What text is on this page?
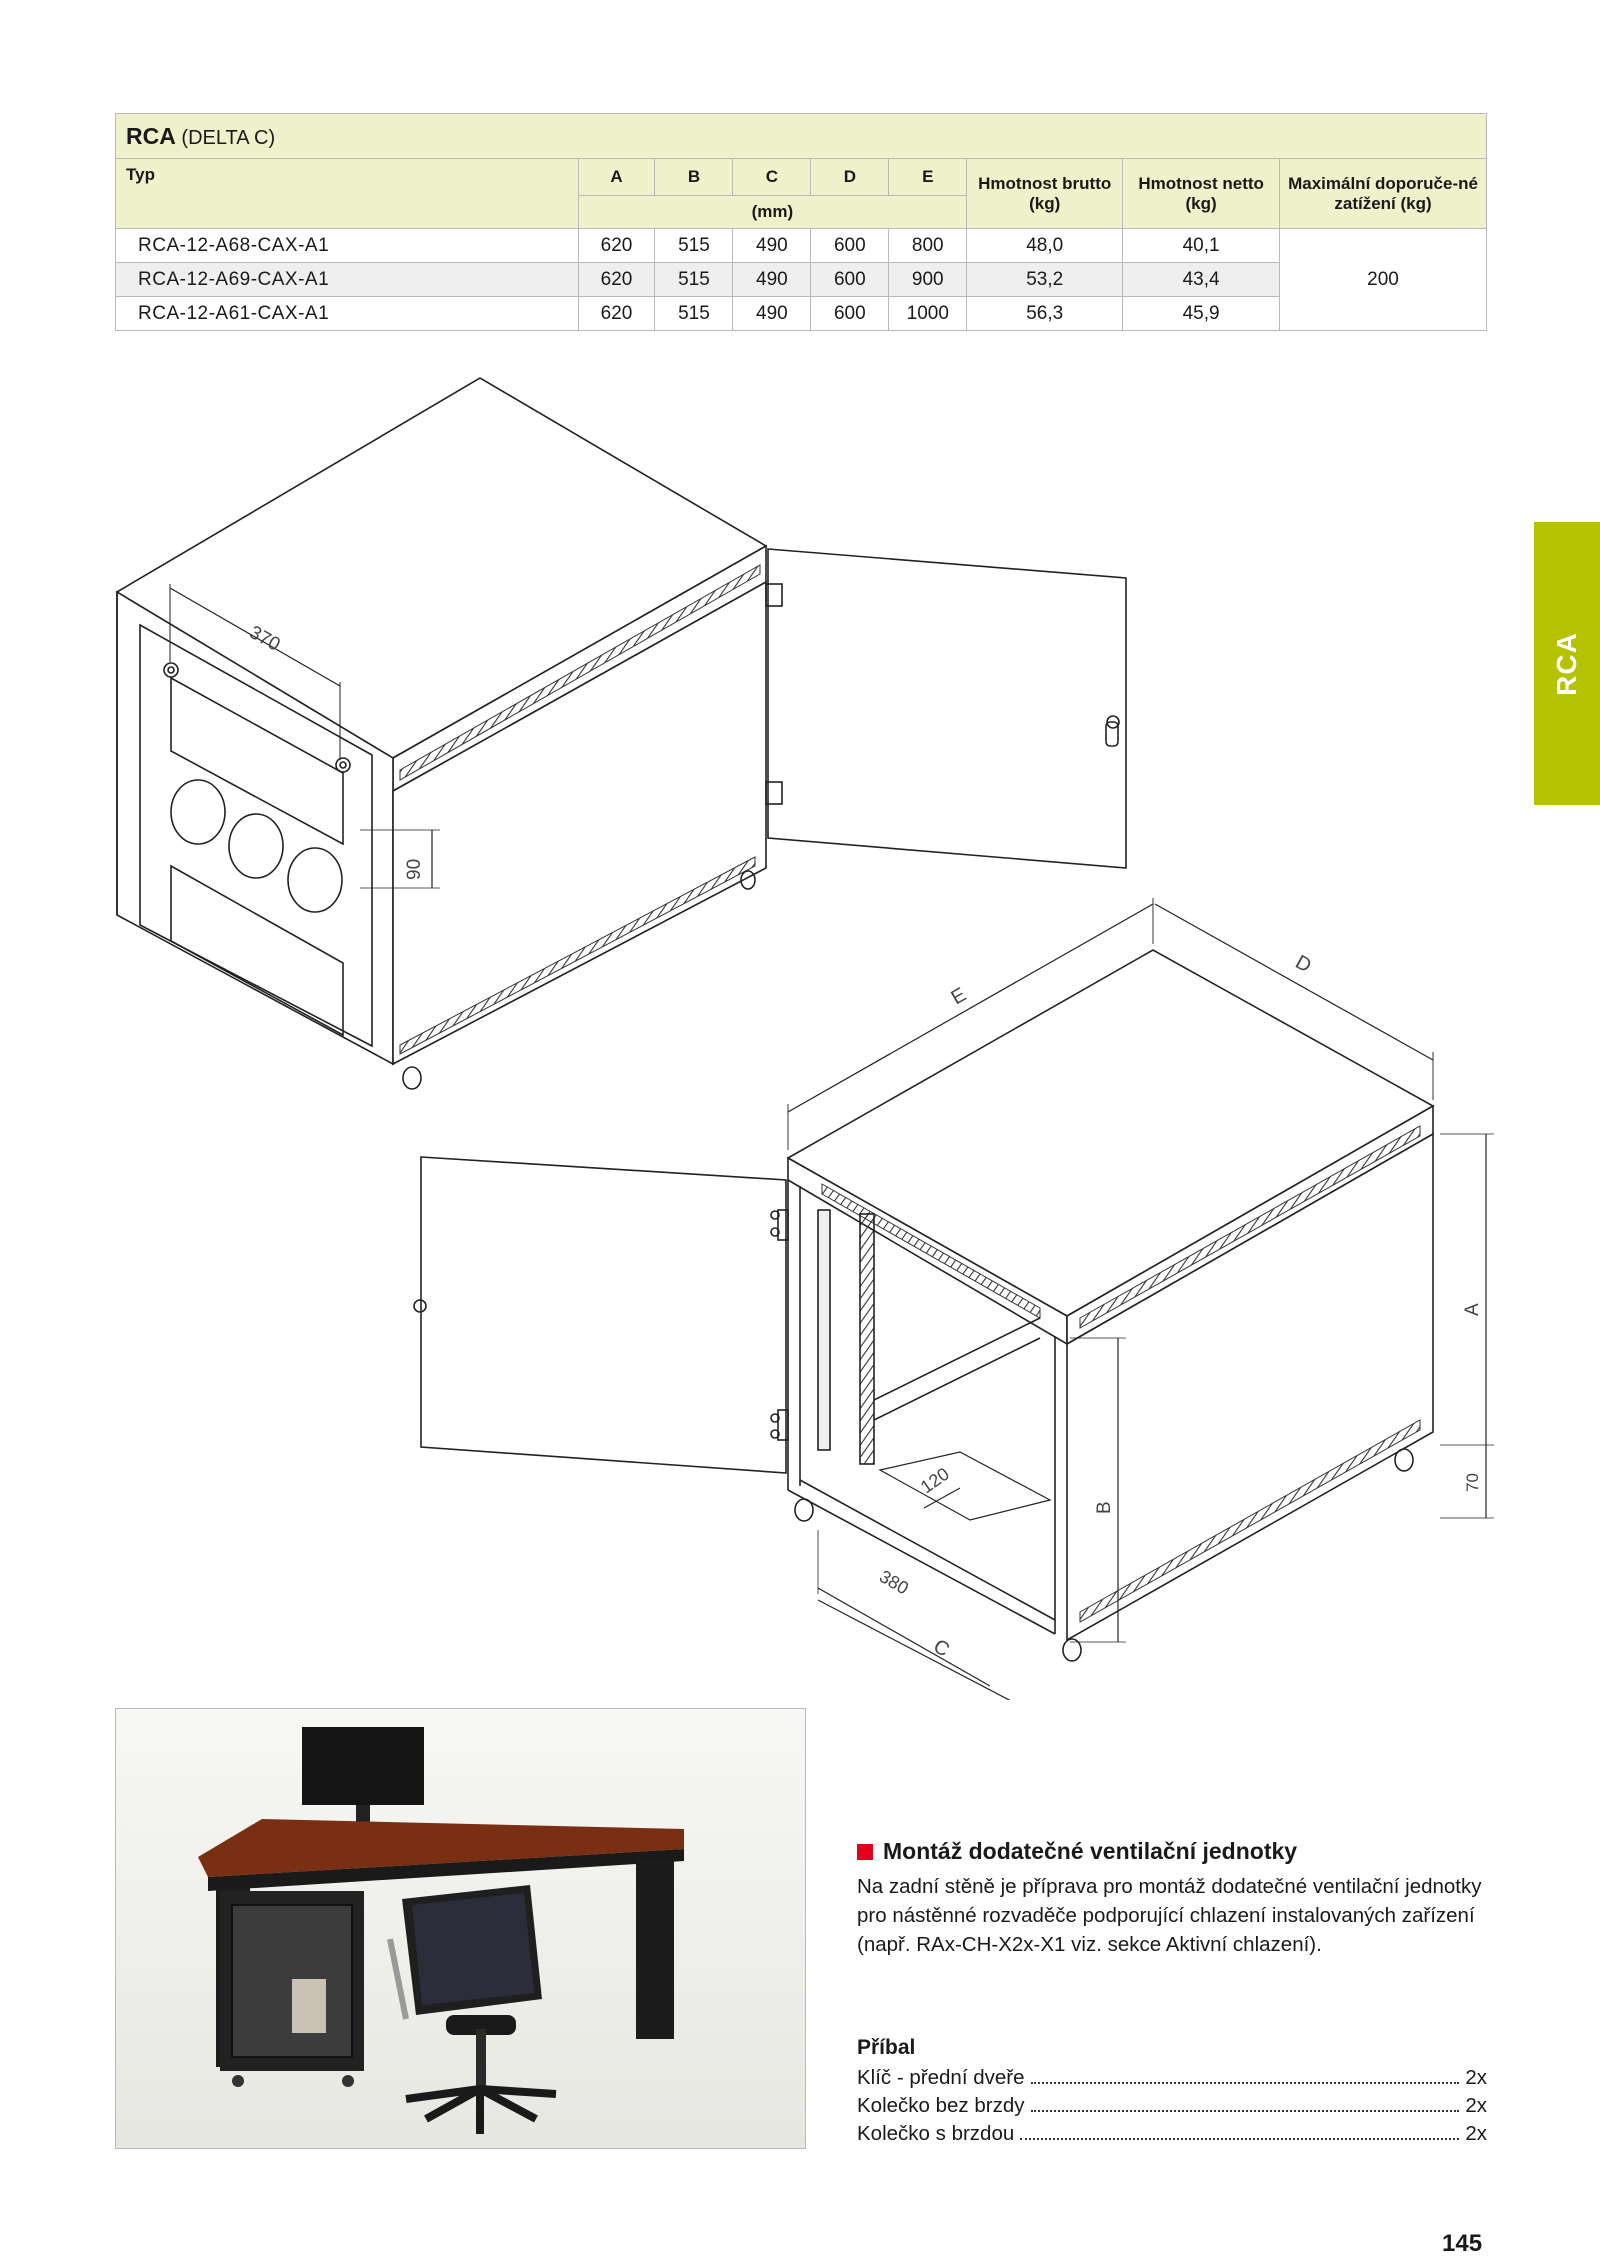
RCA (DELTA C)								
Typ	A	B	C	D	E	Hmotnost brutto (kg)	Hmotnost netto (kg)	Maximální doporuče-né zatížení (kg)
	(mm)							
RCA-12-A68-CAX-A1	620	515	490	600	800	48,0	40,1	200
RCA-12-A69-CAX-A1	620	515	490	600	900	53,2	43,4	
RCA-12-A61-CAX-A1	620	515	490	600	1000	56,3	45,9	
RCA
370
90
E
D
A
70
B
120
380
C
Montáž dodatečné ventilační jednotky
Na zadní stěně je příprava pro montáž dodatečné ventilační jednotky pro nástěnné rozvaděče podporující chlazení instalovaných zařízení (např. RAx-CH-X2x-X1 viz. sekce Aktivní chlazení).
Příbal
Klíč - přední dveře	2x
Kolečko bez brzdy	2x
Kolečko s brzdou	2x
145
